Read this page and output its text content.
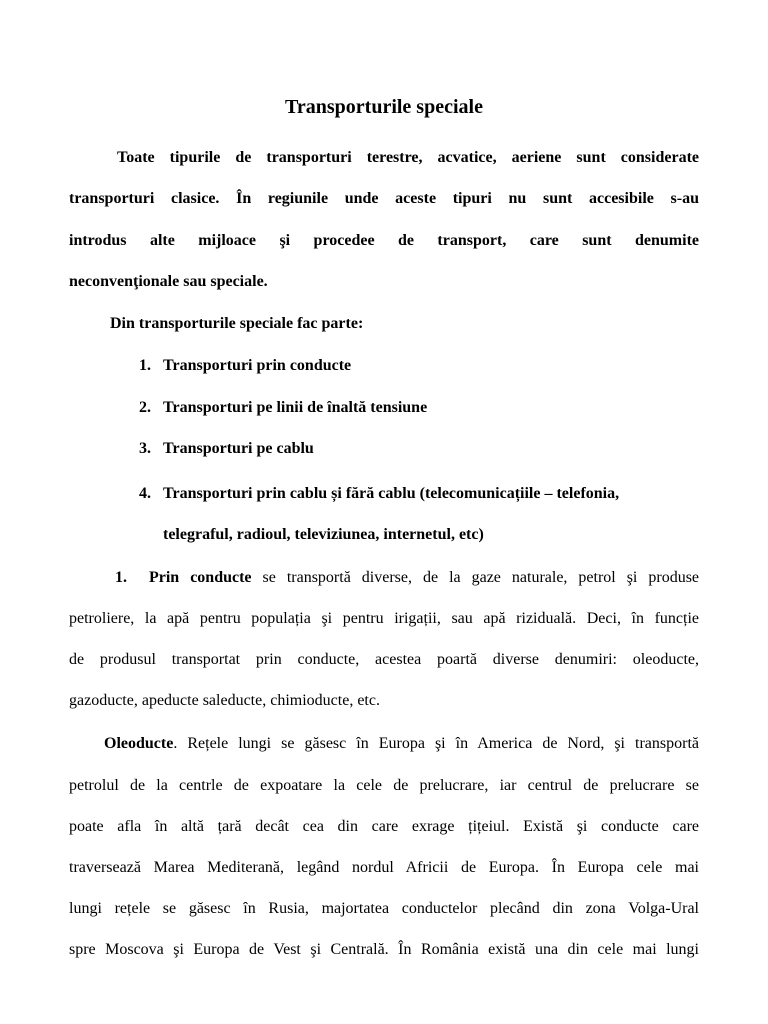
Transporturile speciale
Toate tipurile de transporturi terestre, acvatice, aeriene sunt considerate
transporturi clasice. În regiunile unde aceste tipuri nu sunt accesibile s-au
introdus alte mijloace şi procedee de transport, care sunt denumite
neconvenţionale sau speciale.
Din transporturile speciale fac parte:
1. Transporturi prin conducte
2. Transporturi pe linii de înaltă tensiune
3. Transporturi pe cablu
4. Transporturi prin cablu și fără cablu (telecomunicațiile – telefonia,
telegraful, radioul, televiziunea, internetul, etc)
1. Prin conducte se transportă diverse, de la gaze naturale, petrol şi produse
petroliere, la apă pentru populația şi pentru irigații, sau apă riziduală. Deci, în funcție
de produsul transportat prin conducte, acestea poartă diverse denumiri: oleoducte,
gazoducte, apeducte saleducte, chimioducte, etc.
Oleoducte. Rețele lungi se găsesc în Europa şi în America de Nord, şi transportă
petrolul de la centrle de expoatare la cele de prelucrare, iar centrul de prelucrare se
poate afla în altă țară decât cea din care exrage țițeiul. Există şi conducte care
traversează Marea Mediterană, legând nordul Africii de Europa. În Europa cele mai
lungi rețele se găsesc în Rusia, majortatea conductelor plecând din zona Volga-Ural
spre Moscova şi Europa de Vest şi Centrală. În România există una din cele mai lungi
